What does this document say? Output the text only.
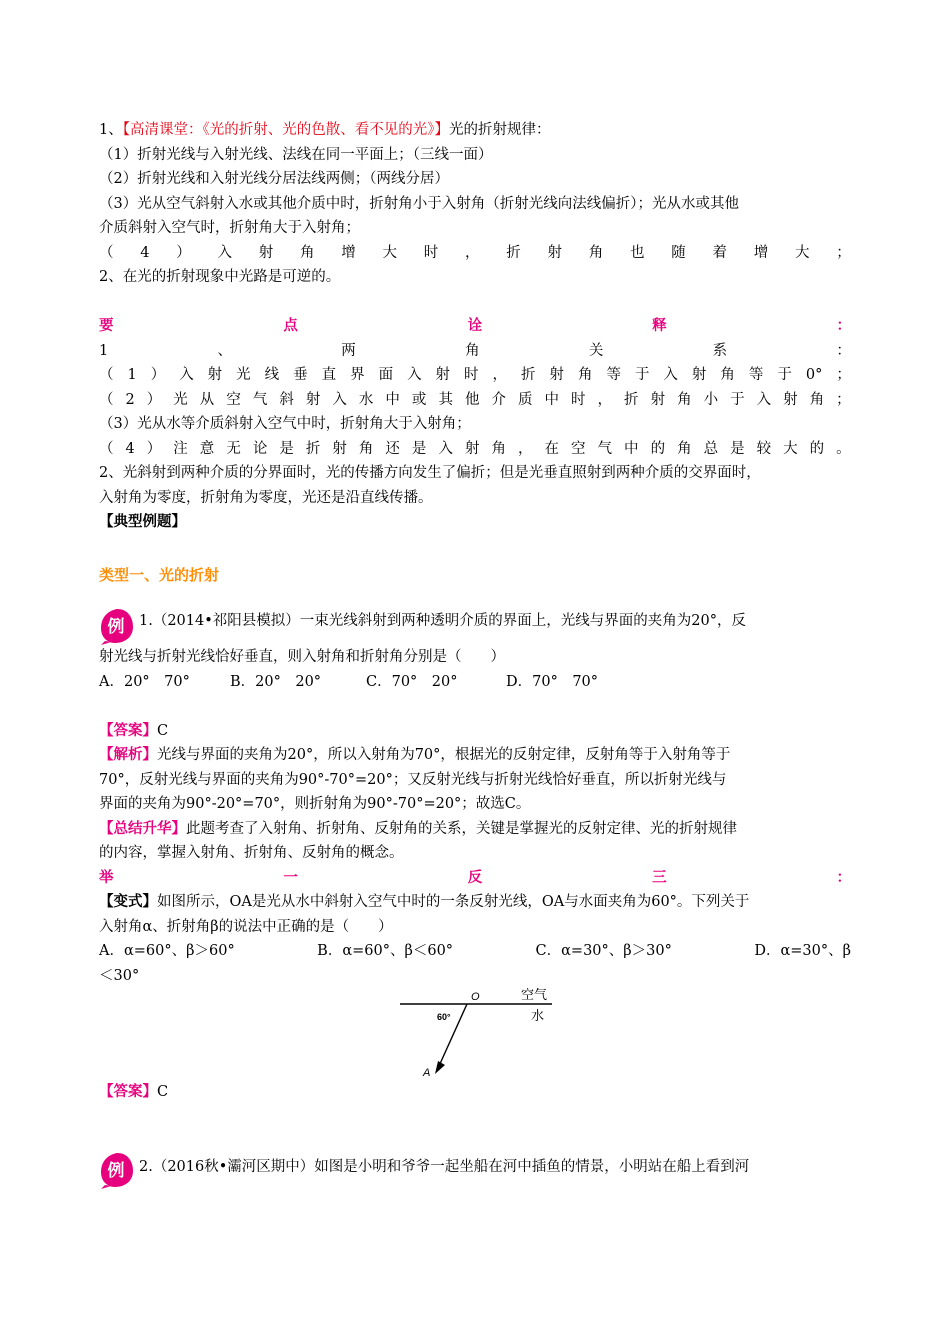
1、【高清课堂：《光的折射、光的色散、看不见的光》】光的折射规律：
（1）折射光线与入射光线、法线在同一平面上；（三线一面）
（2）折射光线和入射光线分居法线两侧；（两线分居）
（3）光从空气斜射入水或其他介质中时，折射角小于入射角（折射光线向法线偏折）；光从水或其他
介质斜射入空气时，折射角大于入射角；
（ 4 ） 入 射 角 增 大 时 ， 折 射 角 也 随 着 增 大 ；
2、在光的折射现象中光路是可逆的。
要	点	诠	释	：
1	、	两	角	关	系	：
（ 1 ） 入 射 光 线 垂 直 界 面 入 射 时 ， 折 射 角 等 于 入 射 角 等 于 0° ；
（ 2 ） 光 从 空 气 斜 射 入 水 中 或 其 他 介 质 中 时 ， 折 射 角 小 于 入 射 角 ；
（3）光从水等介质斜射入空气中时，折射角大于入射角；
（ 4 ） 注 意 无 论 是 折 射 角 还 是 入 射 角 ， 在 空 气 中 的 角 总 是 较 大 的 。
2、光斜射到两种介质的分界面时，光的传播方向发生了偏折；但是光垂直照射到两种介质的交界面时，
入射角为零度，折射角为零度，光还是沿直线传播。
【典型例题】
类型一、光的折射
例 1.（2014•祁阳县模拟）一束光线斜射到两种透明介质的界面上，光线与界面的夹角为20°，反
射光线与折射光线恰好垂直，则入射角和折射角分别是（　　）
A．20°　70°	B．20°　20°	C．70°　20°	D．70°　70°
【答案】C
【解析】光线与界面的夹角为20°，所以入射角为70°，根据光的反射定律，反射角等于入射角等于
70°，反射光线与界面的夹角为90°-70°=20°；又反射光线与折射光线恰好垂直，所以折射光线与
界面的夹角为90°-20°=70°，则折射角为90°-70°=20°；故选C。
【总结升华】此题考查了入射角、折射角、反射角的关系，关键是掌握光的反射定律、光的折射规律
的内容，掌握入射角、折射角、反射角的概念。
举	一	反	三	：
【变式】如图所示，OA是光从水中斜射入空气中时的一条反射光线，OA与水面夹角为60°。下列关于
入射角α、折射角β的说法中正确的是（　　）
A．α=60°、β＞60°	B．α=60°、β＜60°	C．α=30°、β＞30°	D．α=30°、β
＜30°
O	空气
水
60°
A
【答案】C
例 2.（2016秋•灞河区期中）如图是小明和爷爷一起坐船在河中插鱼的情景，小明站在船上看到河
